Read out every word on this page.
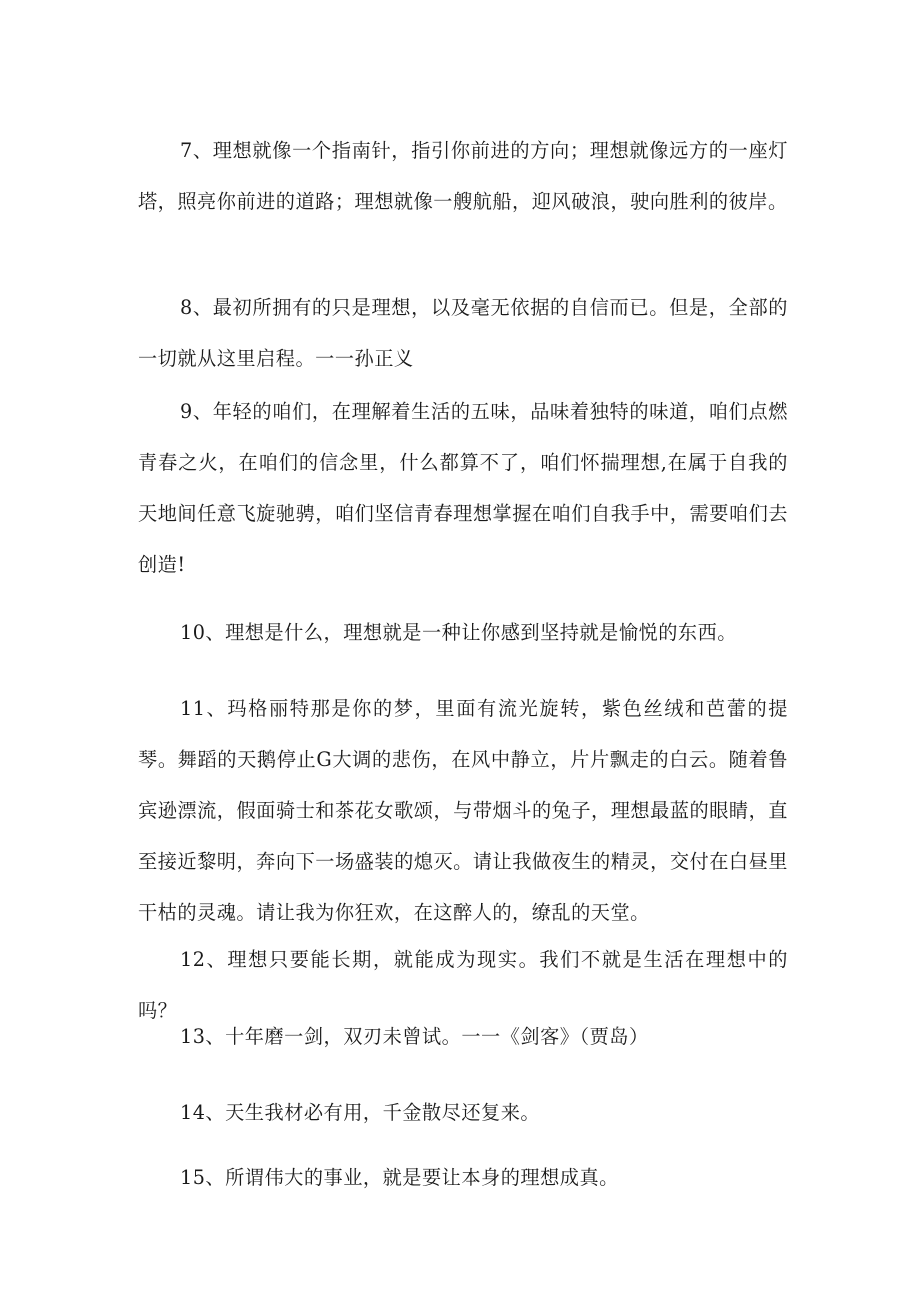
7、理想就像一个指南针，指引你前进的方向；理想就像远方的一座灯塔，照亮你前进的道路；理想就像一艘航船，迎风破浪，驶向胜利的彼岸。

8、最初所拥有的只是理想，以及毫无依据的自信而已。但是，全部的一切就从这里启程。一一孙正义

9、年轻的咱们，在理解着生活的五味，品味着独特的味道，咱们点燃青春之火，在咱们的信念里，什么都算不了，咱们怀揣理想,在属于自我的天地间任意飞旋驰骋，咱们坚信青春理想掌握在咱们自我手中，需要咱们去创造!

10、理想是什么，理想就是一种让你感到坚持就是愉悦的东西。

11、玛格丽特那是你的梦，里面有流光旋转，紫色丝绒和芭蕾的提琴。舞蹈的天鹅停止G大调的悲伤，在风中静立，片片飘走的白云。随着鲁宾逊漂流，假面骑士和茶花女歌颂，与带烟斗的兔子，理想最蓝的眼睛，直至接近黎明，奔向下一场盛装的熄灭。请让我做夜生的精灵，交付在白昼里干枯的灵魂。请让我为你狂欢，在这醉人的，缭乱的天堂。

12、理想只要能长期，就能成为现实。我们不就是生活在理想中的吗？

13、十年磨一剑，双刃未曾试。一一《剑客》（贾岛）

14、天生我材必有用，千金散尽还复来。

15、所谓伟大的事业，就是要让本身的理想成真。
